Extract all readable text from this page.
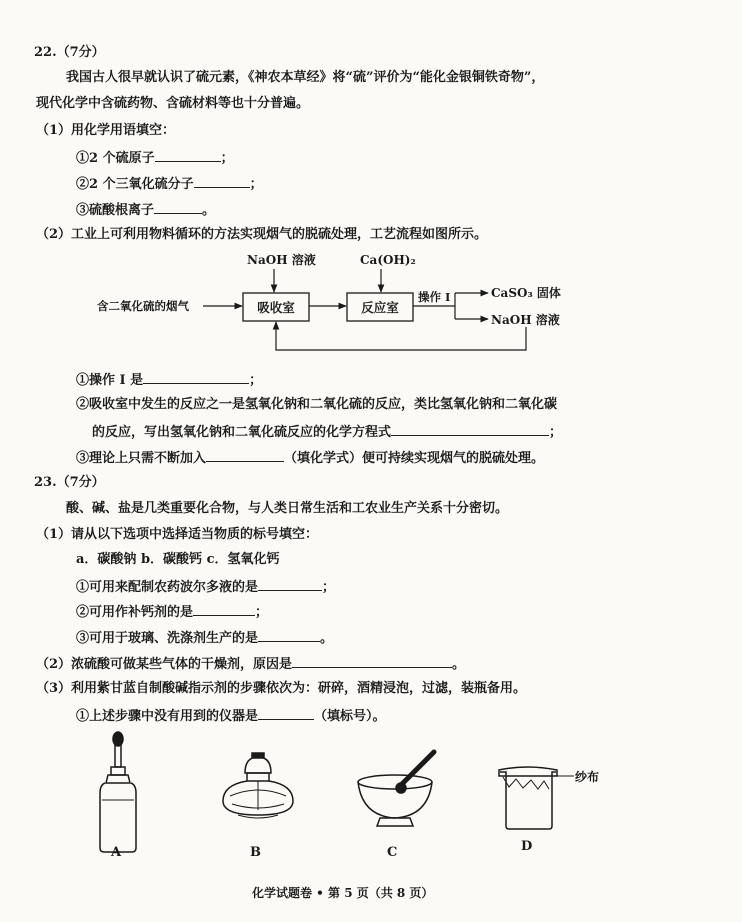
22.（7分）
我国古人很早就认识了硫元素，《神农本草经》将“硫”评价为“能化金银铜铁奇物”，
现代化学中含硫药物、含硫材料等也十分普遍。
（1）用化学用语填空：
①2 个硫原子	；
②2 个三氧化硫分子	；
③硫酸根离子	。
（2）工业上可利用物料循环的方法实现烟气的脱硫处理，工艺流程如图所示。
NaOH 溶液	Ca(OH)₂
含二氧化硫的烟气	吸收室	反应室
操作 I	CaSO₃ 固体
NaOH 溶液
①操作 I 是	；
②吸收室中发生的反应之一是氢氧化钠和二氧化硫的反应，类比氢氧化钠和二氧化碳
的反应，写出氢氧化钠和二氧化硫反应的化学方程式	；
③理论上只需不断加入	（填化学式）便可持续实现烟气的脱硫处理。
23.（7分）
酸、碱、盐是几类重要化合物，与人类日常生活和工农业生产关系十分密切。
（1）请从以下选项中选择适当物质的标号填空：
a．碳酸钠 b．碳酸钙 c．氢氧化钙
①可用来配制农药波尔多液的是	；
②可用作补钙剂的是	；
③可用于玻璃、洗涤剂生产的是	。
（2）浓硫酸可做某些气体的干燥剂，原因是	。
（3）利用紫甘蓝自制酸碱指示剂的步骤依次为：研碎，酒精浸泡，过滤，装瓶备用。
①上述步骤中没有用到的仪器是	（填标号）。
A	B	C
纱布
D
化学试题卷 • 第 5 页（共 8 页）
